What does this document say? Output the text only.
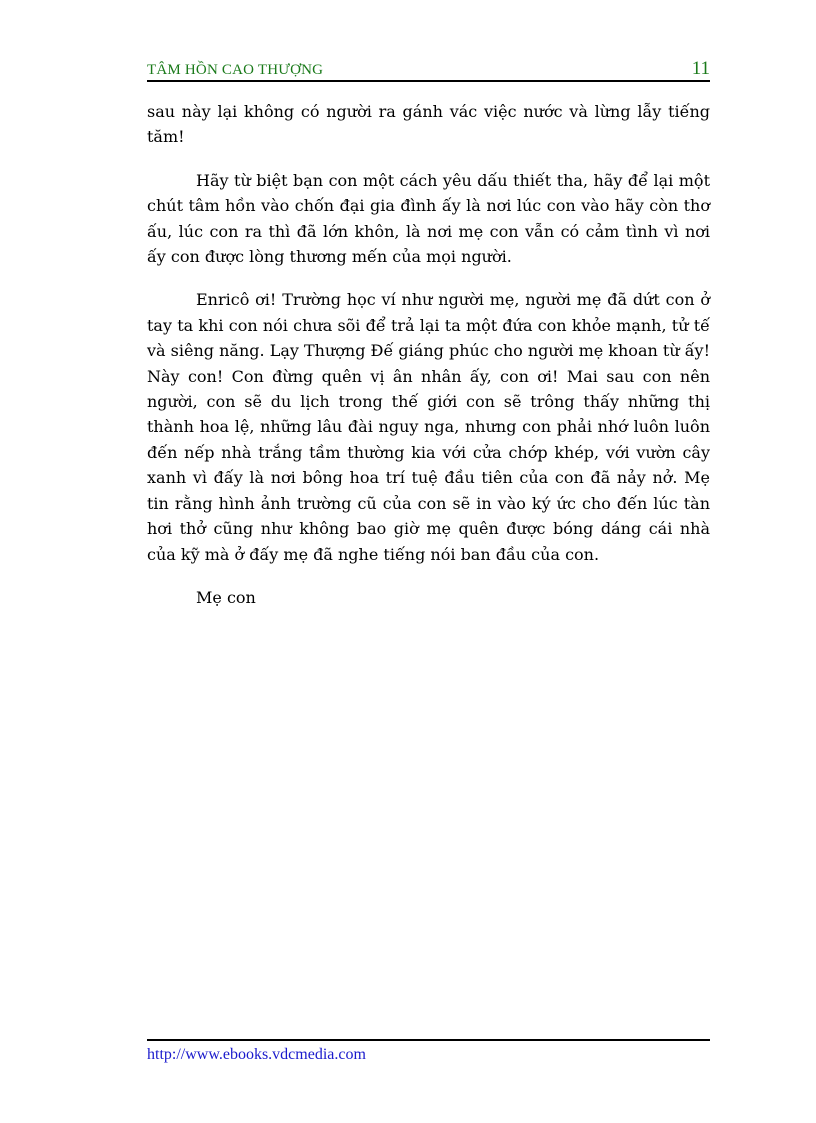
TÂM HỒN CAO THƯỢNG	11

sau này lại không có người ra gánh vác việc nước và lừng lẫy tiếng tăm!

Hãy từ biệt bạn con một cách yêu dấu thiết tha, hãy để lại một chút tâm hồn vào chốn đại gia đình ấy là nơi lúc con vào hãy còn thơ ấu, lúc con ra thì đã lớn khôn, là nơi mẹ con vẫn có cảm tình vì nơi ấy con được lòng thương mến của mọi người.

Enricô ơi! Trường học ví như người mẹ, người mẹ đã dứt con ở tay ta khi con nói chưa sõi để trả lại ta một đứa con khỏe mạnh, tử tế và siêng năng. Lạy Thượng Đế giáng phúc cho người mẹ khoan từ ấy! Này con! Con đừng quên vị ân nhân ấy, con ơi! Mai sau con nên người, con sẽ du lịch trong thế giới con sẽ trông thấy những thị thành hoa lệ, những lâu đài nguy nga, nhưng con phải nhớ luôn luôn đến nếp nhà trắng tầm thường kia với cửa chớp khép, với vườn cây xanh vì đấy là nơi bông hoa trí tuệ đầu tiên của con đã nảy nở. Mẹ tin rằng hình ảnh trường cũ của con sẽ in vào ký ức cho đến lúc tàn hơi thở cũng như không bao giờ mẹ quên được bóng dáng cái nhà của kỹ mà ở đấy mẹ đã nghe tiếng nói ban đầu của con.

Mẹ con

http://www.ebooks.vdcmedia.com
